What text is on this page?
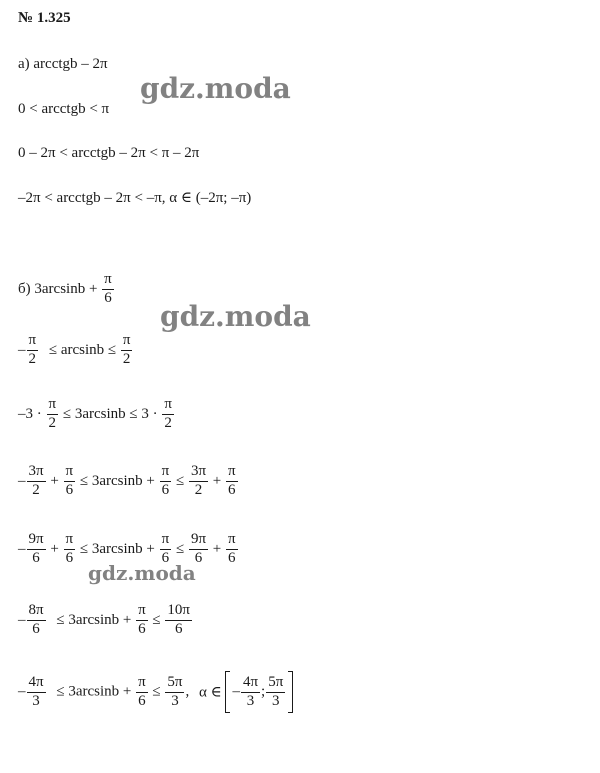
№ 1.325
а) arcctgb – 2π
0 < arcctgb < π
0 – 2π < arcctgb – 2π < π – 2π
–2π < arcctgb – 2π < –π, α ∈ (–2π; –π)
б) $3\arcsin b + \frac{\pi}{6}$
– $\frac{\pi}{2} \le \arcsin b \le \frac{\pi}{2}$
$-3 \cdot \frac{\pi}{2} \le 3\arcsin b \le 3 \cdot \frac{\pi}{2}$
– $\frac{3\pi}{2} + \frac{\pi}{6} \le 3\arcsin b + \frac{\pi}{6} \le \frac{3\pi}{2} + \frac{\pi}{6}$
– $\frac{9\pi}{6} + \frac{\pi}{6} \le 3\arcsin b + \frac{\pi}{6} \le \frac{9\pi}{6} + \frac{\pi}{6}$
– $\frac{8\pi}{6} \le 3\arcsin b + \frac{\pi}{6} \le \frac{10\pi}{6}$
– $\frac{4\pi}{3} \le 3\arcsin b + \frac{\pi}{6} \le \frac{5\pi}{3}$ , α ∈ – $\frac{4\pi}{3}$ ; $\frac{5\pi}{3}$
gdz.moda
gdz.moda
gdz.moda
